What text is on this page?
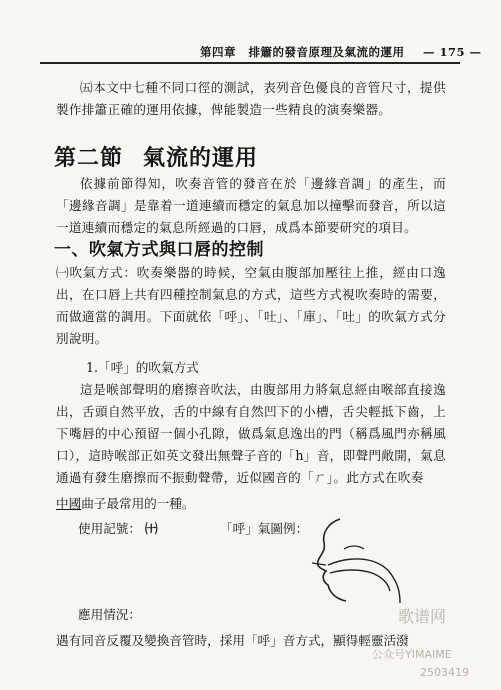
第四章 排簫的發音原理及氣流的運用 — 175 —
㈤本文中七種不同口徑的測試，表列音色優良的音管尺寸，提供製作排簫正確的運用依據，俾能製造一些精良的演奏樂器。
第二節 氣流的運用
依據前節得知，吹奏音管的發音在於「邊緣音調」的產生，而「邊緣音調」是靠着一道連續而穩定的氣息加以撞擊而發音，所以這一道連續而穩定的氣息所經過的口唇，成爲本節要研究的項目。
一、吹氣方式與口唇的控制
㈠吹氣方式：吹奏樂器的時候，空氣由腹部加壓往上推，經由口逸出，在口唇上共有四種控制氣息的方式，這些方式視吹奏時的需要，而做適當的調用。下面就依「呼」、「吐」、「庫」、「吐」的吹氣方式分別說明。
1.「呼」的吹氣方式
這是喉部聲明的磨擦音吹法，由腹部用力將氣息經由喉部直接逸出，舌頭自然平放，舌的中線有自然凹下的小槽，舌尖輕抵下齒，上下嘴唇的中心預留一個小孔隙，做爲氣息逸出的門（稱爲風門亦稱風口），這時喉部正如英文發出無聲子音的「h」音，即聲門敞開，氣息通過有發生磨擦而不振動聲帶，近似國音的「ㄏ」。此方式在吹奏
中國曲子最常用的一種。
使用記號： ㈩	「呼」氣圖例：
應用情況：
遇有同音反覆及變換音管時，採用「呼」音方式，顯得輕靈活潑
歌谱网
公众号YIMAIME
2503419
